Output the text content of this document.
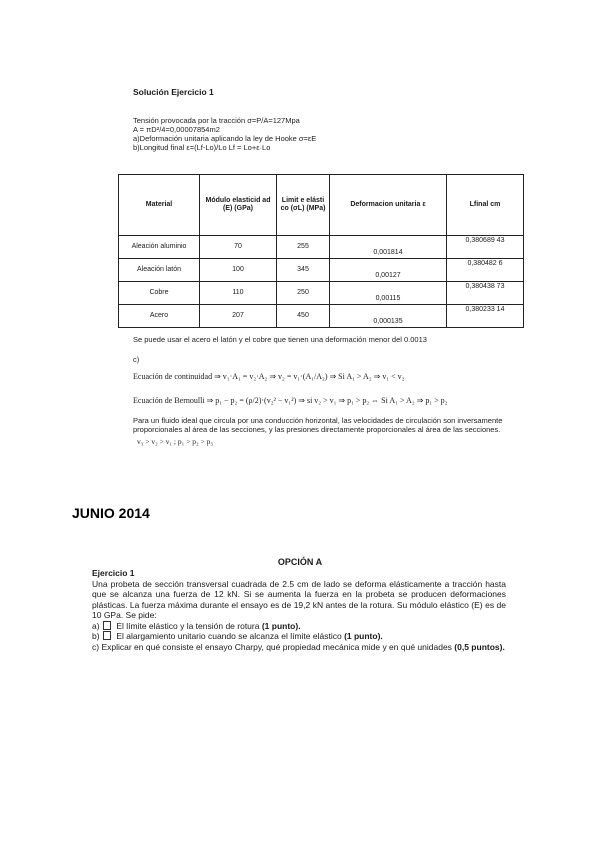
Solución Ejercicio 1
Tensión provocada por la tracción σ=P/A=127Mpa
A = πD²/4=0,00007854m2
a)Deformación unitaria aplicando la ley de Hooke σ=εE
b)Longitud final ε=(Lf-Lo)/Lo Lf = Lo+ε·Lo
Material	Módulo elasticid ad (E) (GPa)	Limit e elásti co (σL) (MPa)	Deformacion unitaria ε	Lfinal cm
Aleación aluminio	70	255	0,001814	0,380689 43
Aleación latón	100	345	0,00127	0,380482 6
Cobre	110	250	0,00115	0,380438 73
Acero	207	450	0,000135	0,380233 14
Se puede usar el acero el latón y el cobre que tienen una deformación menor del 0.0013
c)
Ecuación de continuidad ⇒ v₁·A₁ = v₂·A₂ ⇒ v₂ = v₁·(A₁/A₂) ⇒ Si A₁ > A₂ ⇒ v₁ < v₂
Ecuación de Bernoulli ⇒ p₁ − p₂ = (ρ/2)·(v₂² − v₁²) ⇒ si v₂ > v₁ ⇒ p₁ > p₂ ⇔ Si A₁ > A₂ ⇒ p₁ > p₂
Para un fluido ideal que circula por una conducción horizontal, las velocidades de circulación son inversamente proporcionales al área de las secciones, y las presiones directamente proporcionales al área de las secciones.
v₃ > v₂ > v₁ ; p₁ > p₂ > p₃
JUNIO 2014
OPCIÓN A
Ejercicio 1
Una probeta de sección transversal cuadrada de 2.5 cm de lado se deforma elásticamente a tracción hasta que se alcanza una fuerza de 12 kN. Si se aumenta la fuerza en la probeta se producen deformaciones plásticas. La fuerza máxima durante el ensayo es de 19,2 kN antes de la rotura. Su módulo elástico (E) es de 10 GPa. Se pide:
a) El límite elástico y la tensión de rotura (1 punto).
b) El alargamiento unitario cuando se alcanza el límite elástico (1 punto).
c) Explicar en qué consiste el ensayo Charpy, qué propiedad mecánica mide y en qué unidades (0,5 puntos).
